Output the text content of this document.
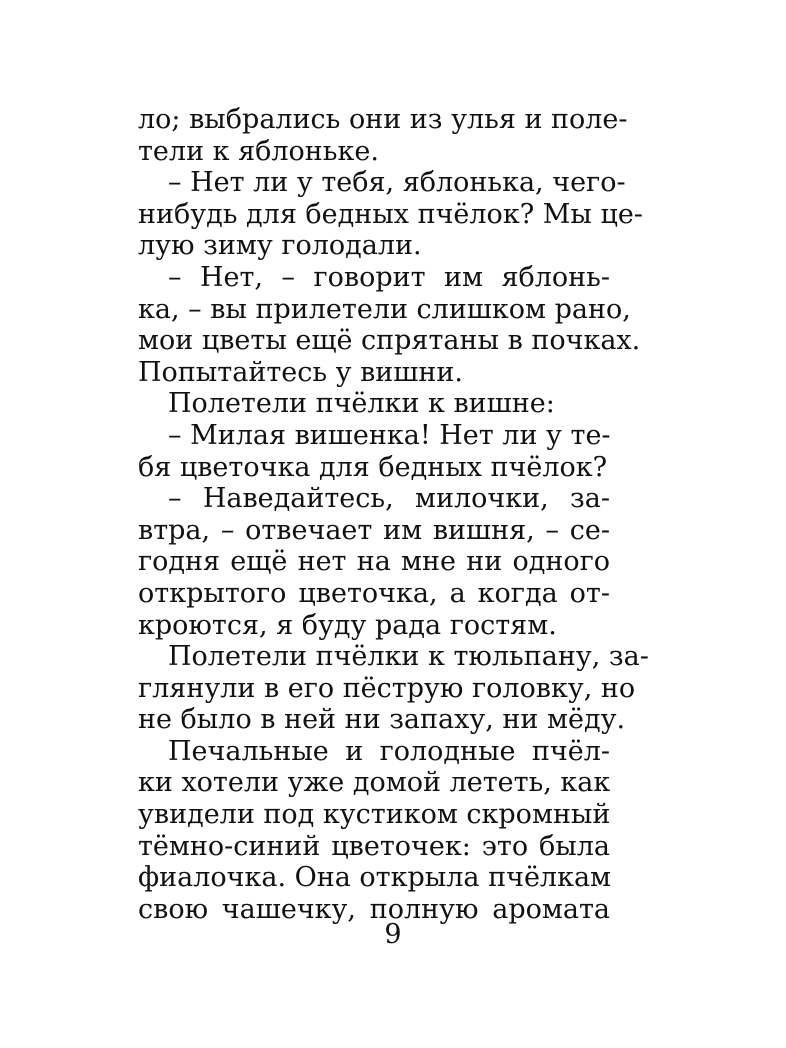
ло; выбрались они из улья и поле-
тели к яблоньке.
– Нет ли у тебя, яблонька, чего-
нибудь для бедных пчёлок? Мы це-
лую зиму голодали.
– Нет, – говорит им яблонь-
ка, – вы прилетели слишком рано,
мои цветы ещё спрятаны в почках.
Попытайтесь у вишни.
Полетели пчёлки к вишне:
– Милая вишенка! Нет ли у те-
бя цветочка для бедных пчёлок?
– Наведайтесь, милочки, за-
втра, – отвечает им вишня, – се-
годня ещё нет на мне ни одного
открытого цветочка, а когда от-
кроются, я буду рада гостям.
Полетели пчёлки к тюльпану, за-
глянули в его пёструю головку, но
не было в ней ни запаху, ни мёду.
Печальные и голодные пчёл-
ки хотели уже домой лететь, как
увидели под кустиком скромный
тёмно-синий цветочек: это была
фиалочка. Она открыла пчёлкам
свою чашечку, полную аромата
9
